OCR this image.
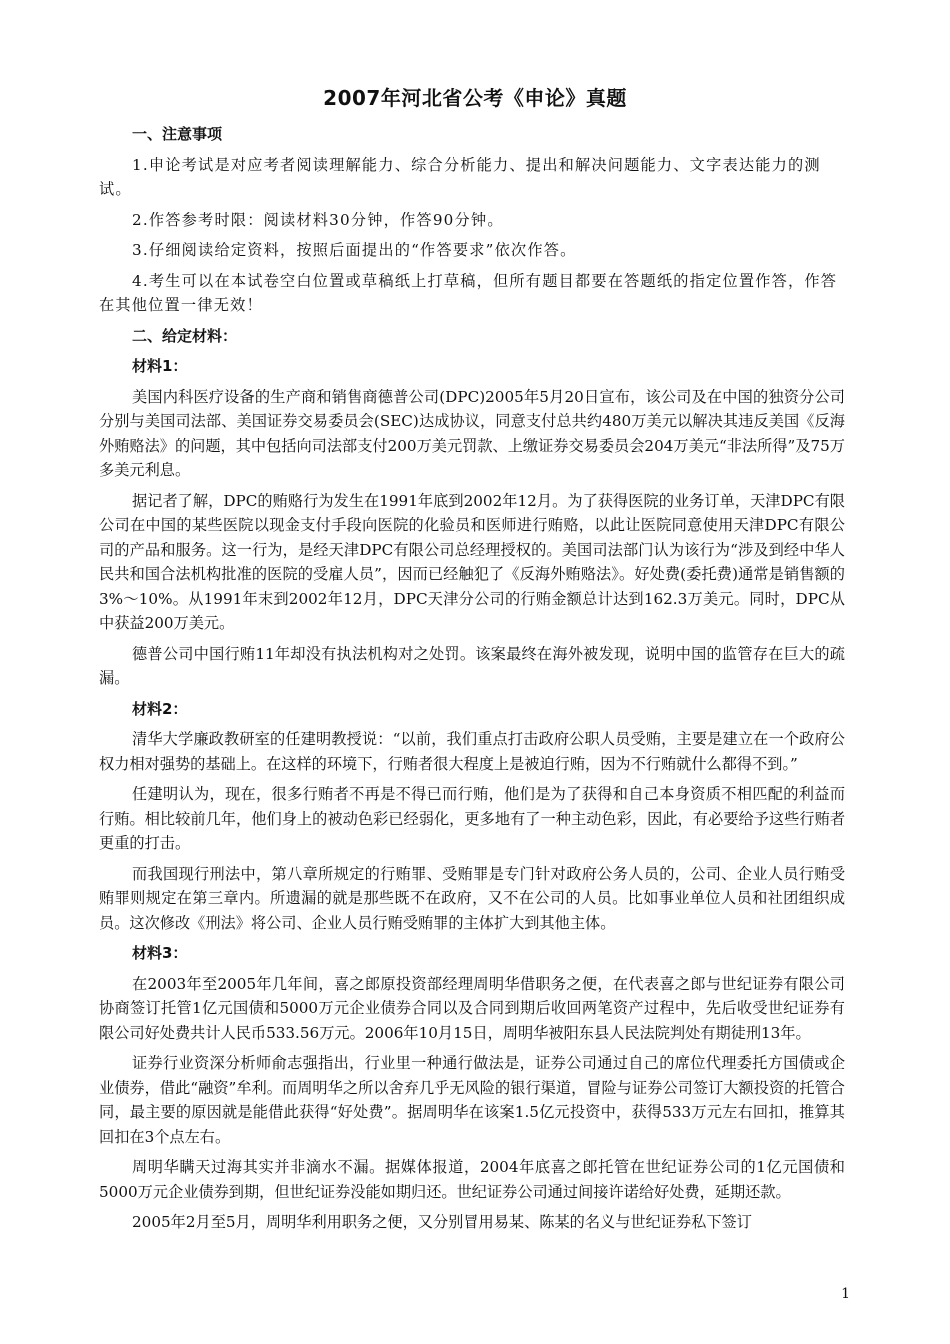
2007年河北省公考《申论》真题
一、注意事项
1.申论考试是对应考者阅读理解能力、综合分析能力、提出和解决问题能力、文字表达能力的测试。
2.作答参考时限：阅读材料30分钟，作答90分钟。
3.仔细阅读给定资料，按照后面提出的“作答要求”依次作答。
4.考生可以在本试卷空白位置或草稿纸上打草稿，但所有题目都要在答题纸的指定位置作答，作答在其他位置一律无效！
二、给定材料：
材料1：
美国内科医疗设备的生产商和销售商德普公司(DPC)2005年5月20日宣布，该公司及在中国的独资分公司分别与美国司法部、美国证券交易委员会(SEC)达成协议，同意支付总共约480万美元以解决其违反美国《反海外贿赂法》的问题，其中包括向司法部支付200万美元罚款、上缴证券交易委员会204万美元“非法所得”及75万多美元利息。
据记者了解，DPC的贿赂行为发生在1991年底到2002年12月。为了获得医院的业务订单，天津DPC有限公司在中国的某些医院以现金支付手段向医院的化验员和医师进行贿赂，以此让医院同意使用天津DPC有限公司的产品和服务。这一行为，是经天津DPC有限公司总经理授权的。美国司法部门认为该行为“涉及到经中华人民共和国合法机构批准的医院的受雇人员”，因而已经触犯了《反海外贿赂法》。好处费(委托费)通常是销售额的3%～10%。从1991年末到2002年12月，DPC天津分公司的行贿金额总计达到162.3万美元。同时，DPC从中获益200万美元。
德普公司中国行贿11年却没有执法机构对之处罚。该案最终在海外被发现，说明中国的监管存在巨大的疏漏。
材料2：
清华大学廉政教研室的任建明教授说：“以前，我们重点打击政府公职人员受贿，主要是建立在一个政府公权力相对强势的基础上。在这样的环境下，行贿者很大程度上是被迫行贿，因为不行贿就什么都得不到。”
任建明认为，现在，很多行贿者不再是不得已而行贿，他们是为了获得和自己本身资质不相匹配的利益而行贿。相比较前几年，他们身上的被动色彩已经弱化，更多地有了一种主动色彩，因此，有必要给予这些行贿者更重的打击。
而我国现行刑法中，第八章所规定的行贿罪、受贿罪是专门针对政府公务人员的，公司、企业人员行贿受贿罪则规定在第三章内。所遗漏的就是那些既不在政府，又不在公司的人员。比如事业单位人员和社团组织成员。这次修改《刑法》将公司、企业人员行贿受贿罪的主体扩大到其他主体。
材料3：
在2003年至2005年几年间，喜之郎原投资部经理周明华借职务之便，在代表喜之郎与世纪证券有限公司协商签订托管1亿元国债和5000万元企业债券合同以及合同到期后收回两笔资产过程中，先后收受世纪证券有限公司好处费共计人民币533.56万元。2006年10月15日，周明华被阳东县人民法院判处有期徒刑13年。
证券行业资深分析师俞志强指出，行业里一种通行做法是，证券公司通过自己的席位代理委托方国债或企业债券，借此“融资”牟利。而周明华之所以舍弃几乎无风险的银行渠道，冒险与证券公司签订大额投资的托管合同，最主要的原因就是能借此获得“好处费”。据周明华在该案1.5亿元投资中，获得533万元左右回扣，推算其回扣在3个点左右。
周明华瞒天过海其实并非滴水不漏。据媒体报道，2004年底喜之郎托管在世纪证券公司的1亿元国债和5000万元企业债券到期，但世纪证券没能如期归还。世纪证券公司通过间接许诺给好处费，延期还款。
2005年2月至5月，周明华利用职务之便，又分别冒用易某、陈某的名义与世纪证券私下签订
1
